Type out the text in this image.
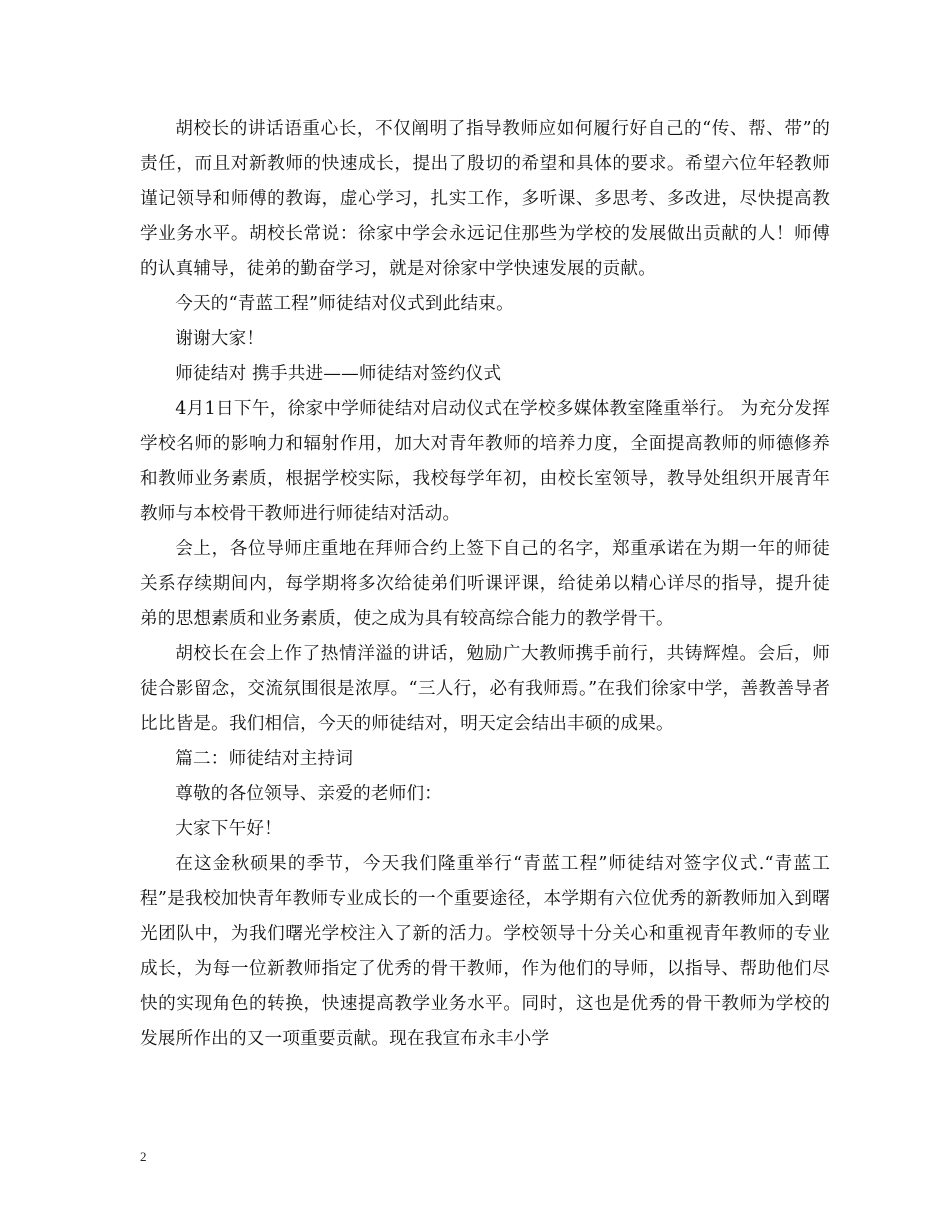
胡校长的讲话语重心长，不仅阐明了指导教师应如何履行好自己的“传、帮、带”的责任，而且对新教师的快速成长，提出了殷切的希望和具体的要求。希望六位年轻教师谨记领导和师傅的教诲，虚心学习，扎实工作，多听课、多思考、多改进，尽快提高教学业务水平。胡校长常说：徐家中学会永远记住那些为学校的发展做出贡献的人！师傅的认真辅导，徒弟的勤奋学习，就是对徐家中学快速发展的贡献。

今天的“青蓝工程”师徒结对仪式到此结束。

谢谢大家！

师徒结对 携手共进——师徒结对签约仪式

4月1日下午，徐家中学师徒结对启动仪式在学校多媒体教室隆重举行。 为充分发挥学校名师的影响力和辐射作用，加大对青年教师的培养力度，全面提高教师的师德修养和教师业务素质，根据学校实际，我校每学年初，由校长室领导，教导处组织开展青年教师与本校骨干教师进行师徒结对活动。

会上，各位导师庄重地在拜师合约上签下自己的名字，郑重承诺在为期一年的师徒关系存续期间内，每学期将多次给徒弟们听课评课，给徒弟以精心详尽的指导，提升徒弟的思想素质和业务素质，使之成为具有较高综合能力的教学骨干。

胡校长在会上作了热情洋溢的讲话，勉励广大教师携手前行，共铸辉煌。会后，师徒合影留念，交流氛围很是浓厚。“三人行，必有我师焉。”在我们徐家中学，善教善导者比比皆是。我们相信，今天的师徒结对，明天定会结出丰硕的成果。

篇二：师徒结对主持词

尊敬的各位领导、亲爱的老师们：

大家下午好！

在这金秋硕果的季节，今天我们隆重举行“青蓝工程”师徒结对签字仪式.“青蓝工程”是我校加快青年教师专业成长的一个重要途径，本学期有六位优秀的新教师加入到曙光团队中，为我们曙光学校注入了新的活力。学校领导十分关心和重视青年教师的专业成长，为每一位新教师指定了优秀的骨干教师，作为他们的导师，以指导、帮助他们尽快的实现角色的转换，快速提高教学业务水平。同时，这也是优秀的骨干教师为学校的发展所作出的又一项重要贡献。现在我宣布永丰小学

2
